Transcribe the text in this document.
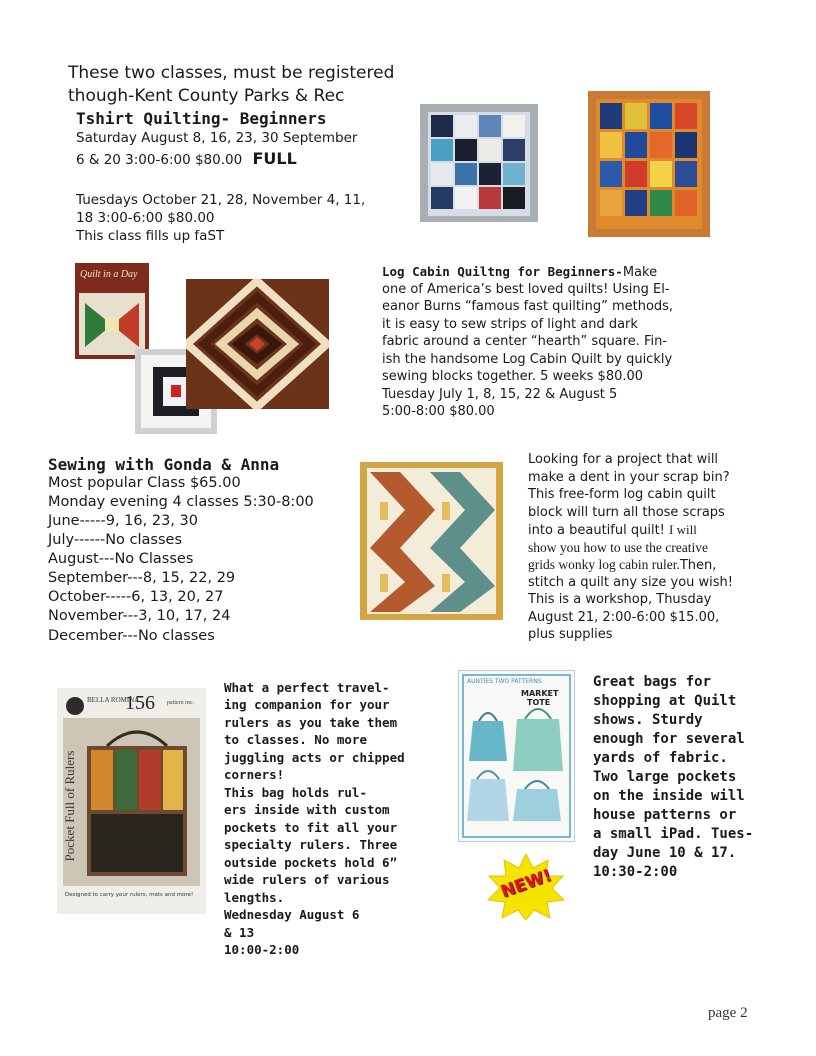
These two classes, must be registered
though-Kent County Parks & Rec
Tshirt Quilting- Beginners
Saturday August 8, 16, 23, 30 September
6 & 20 3:00-6:00 $80.00 FULL
Tuesdays October 21, 28, November 4, 11,
18 3:00-6:00 $80.00
This class fills up faST
Quilt in a Day	Log Cabin Quiltng for Beginners-Make
one of America’s best loved quilts! Using El-
eanor Burns “famous fast quilting” methods,
it is easy to sew strips of light and dark
fabric around a center “hearth” square. Fin-
ish the handsome Log Cabin Quilt by quickly
sewing blocks together. 5 weeks $80.00
Tuesday July 1, 8, 15, 22 & August 5
5:00-8:00 $80.00
Sewing with Gonda & Anna
Most popular Class $65.00
Monday evening 4 classes 5:30-8:00
June-----9, 16, 23, 30
July------No classes
August---No Classes
September---8, 15, 22, 29
October-----6, 13, 20, 27
November---3, 10, 17, 24
December---No classes
Looking for a project that will
make a dent in your scrap bin?
This free-form log cabin quilt
block will turn all those scraps
into a beautiful quilt! I will
show you how to use the creative
grids wonky log cabin ruler.Then,
stitch a quilt any size you wish!
This is a workshop, Thusday
August 21, 2:00-6:00 $15.00,
plus supplies
BELLA ROMINA
156 pattern inc.
Pocket Full of Rulers
Designed to carry your rulers, mats and more!
What a perfect travel-
ing companion for your
rulers as you take them
to classes. No more
juggling acts or chipped
corners!
This bag holds rul-
ers inside with custom
pockets to fit all your
specialty rulers. Three
outside pockets hold 6”
wide rulers of various
lengths.
Wednesday August 6
& 13
10:00-2:00
AUNTIES TWO PATTERNS
MARKET
TOTE
NEW!
Great bags for
shopping at Quilt
shows. Sturdy
enough for several
yards of fabric.
Two large pockets
on the inside will
house patterns or
a small iPad. Tues-
day June 10 & 17.
10:30-2:00
page 2
